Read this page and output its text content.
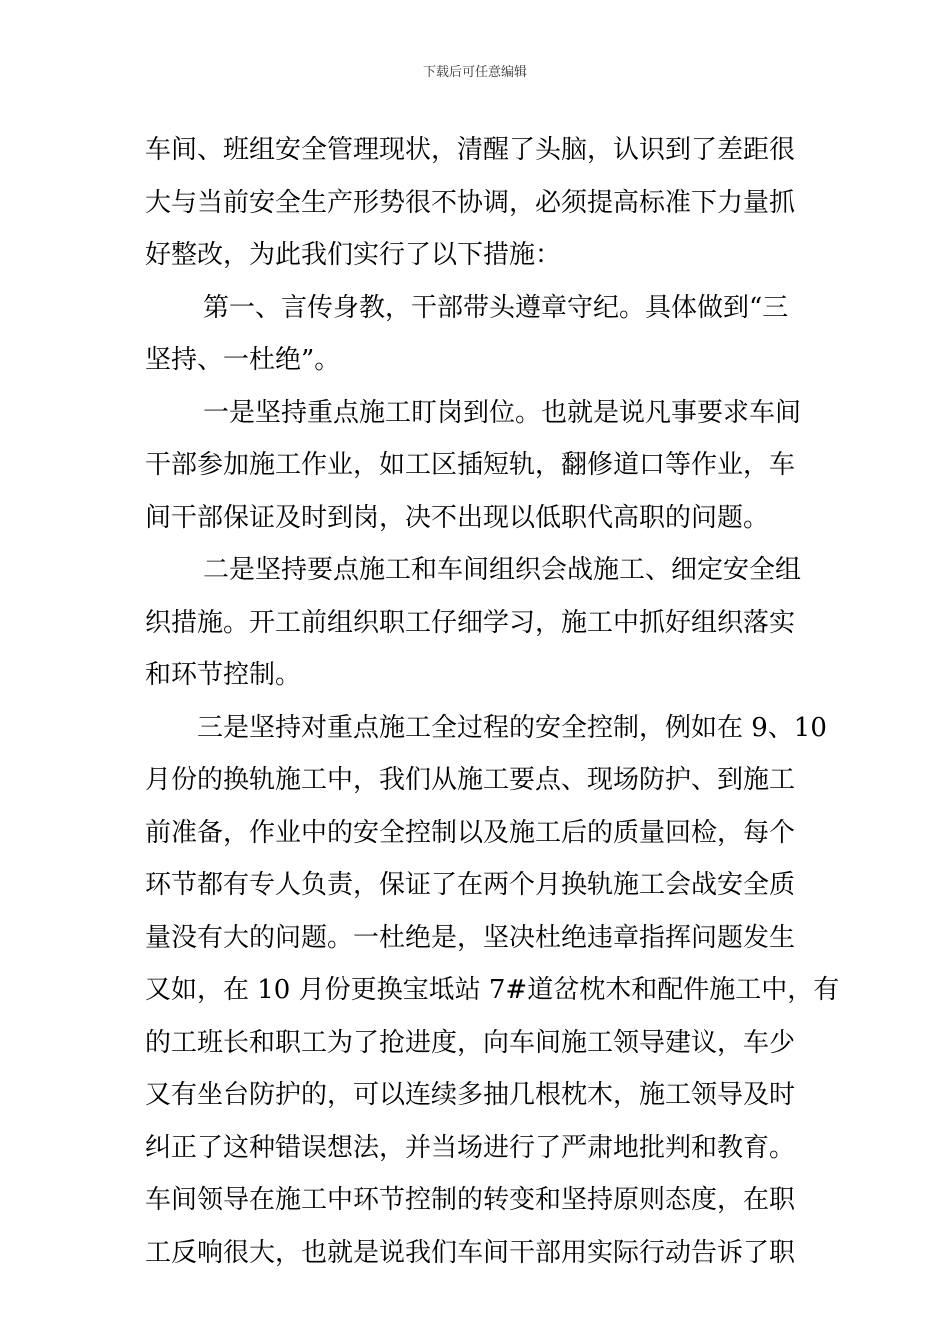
下载后可任意编辑
车间、班组安全管理现状，清醒了头脑，认识到了差距很
大与当前安全生产形势很不协调，必须提高标准下力量抓
好整改，为此我们实行了以下措施：
第一、言传身教，干部带头遵章守纪。具体做到“三
坚持、一杜绝”。
一是坚持重点施工盯岗到位。也就是说凡事要求车间
干部参加施工作业，如工区插短轨，翻修道口等作业，车
间干部保证及时到岗，决不出现以低职代高职的问题。
二是坚持要点施工和车间组织会战施工、细定安全组
织措施。开工前组织职工仔细学习，施工中抓好组织落实
和环节控制。
三是坚持对重点施工全过程的安全控制，例如在 9、10
月份的换轨施工中，我们从施工要点、现场防护、到施工
前准备，作业中的安全控制以及施工后的质量回检，每个
环节都有专人负责，保证了在两个月换轨施工会战安全质
量没有大的问题。一杜绝是，坚决杜绝违章指挥问题发生
又如，在 10 月份更换宝坻站 7#道岔枕木和配件施工中，有
的工班长和职工为了抢进度，向车间施工领导建议，车少
又有坐台防护的，可以连续多抽几根枕木，施工领导及时
纠正了这种错误想法，并当场进行了严肃地批判和教育。
车间领导在施工中环节控制的转变和坚持原则态度，在职
工反响很大，也就是说我们车间干部用实际行动告诉了职
